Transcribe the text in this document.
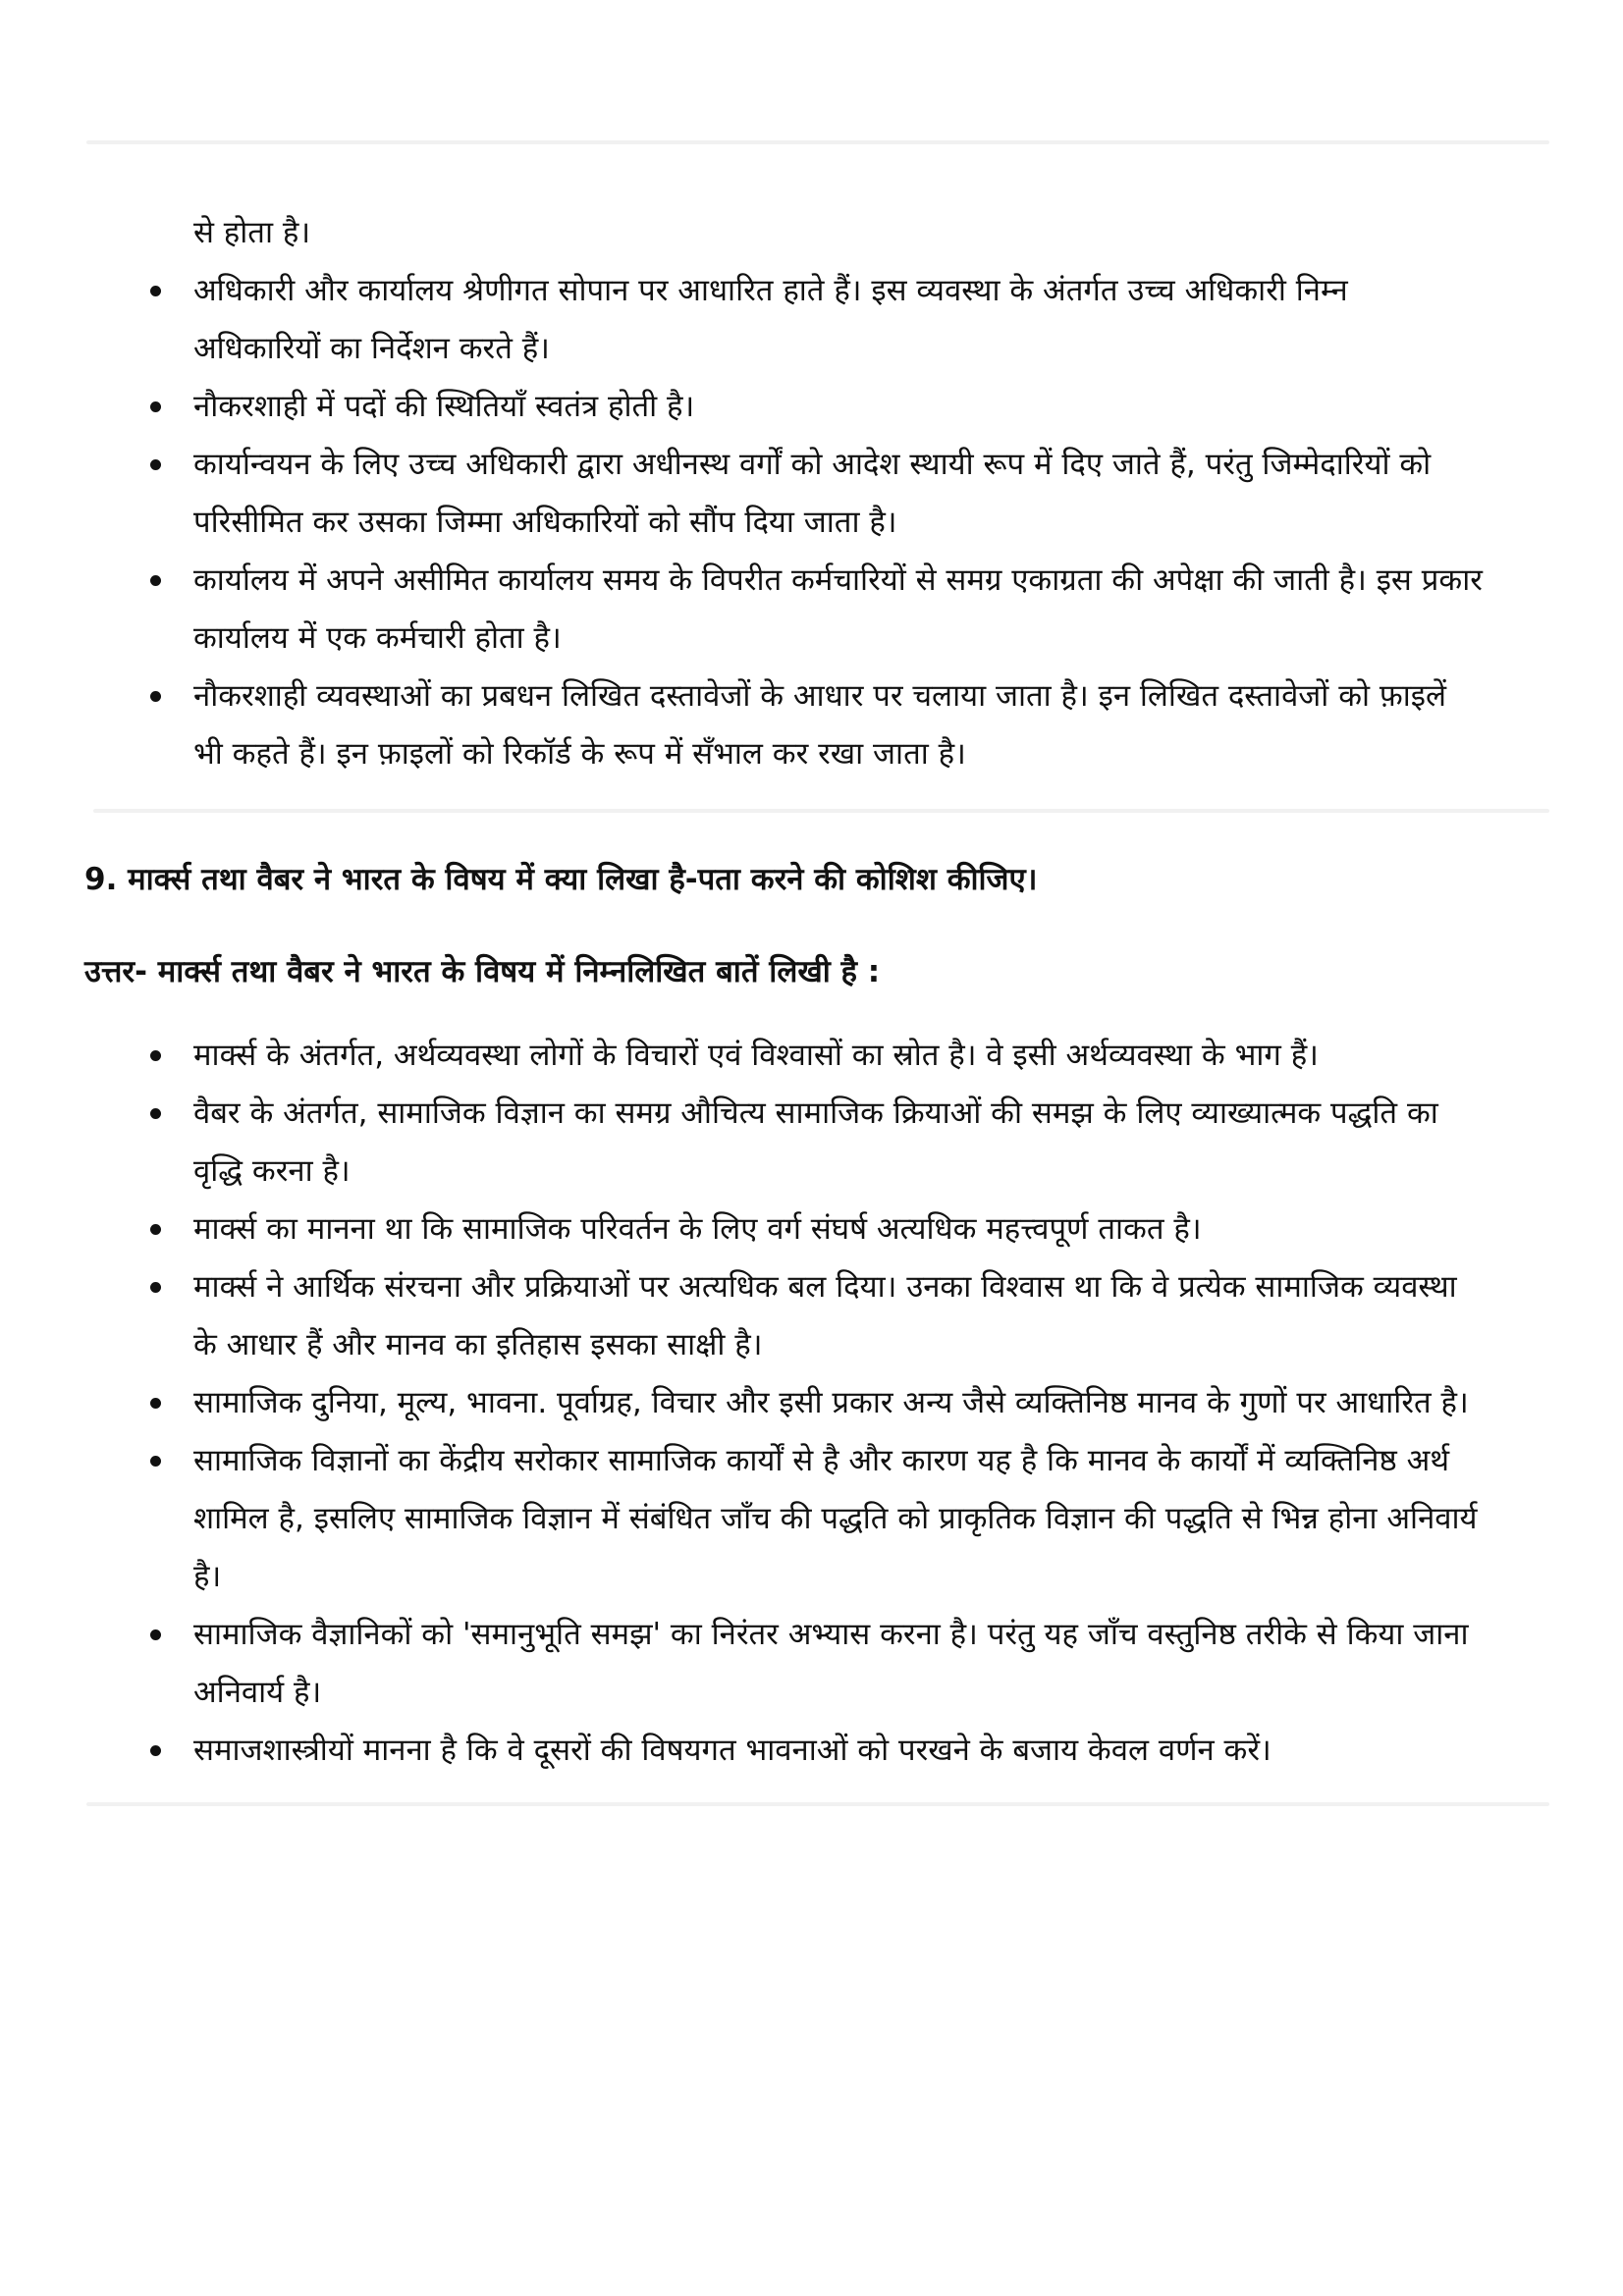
से होता है।
अधिकारी और कार्यालय श्रेणीगत सोपान पर आधारित हाते हैं। इस व्यवस्था के अंतर्गत उच्च अधिकारी निम्न
अधिकारियों का निर्देशन करते हैं।
नौकरशाही में पदों की स्थितियाँ स्वतंत्र होती है।
कार्यान्वयन के लिए उच्च अधिकारी द्वारा अधीनस्थ वर्गों को आदेश स्थायी रूप में दिए जाते हैं, परंतु जिम्मेदारियों को
परिसीमित कर उसका जिम्मा अधिकारियों को सौंप दिया जाता है।
कार्यालय में अपने असीमित कार्यालय समय के विपरीत कर्मचारियों से समग्र एकाग्रता की अपेक्षा की जाती है। इस प्रकार
कार्यालय में एक कर्मचारी होता है।
नौकरशाही व्यवस्थाओं का प्रबधन लिखित दस्तावेजों के आधार पर चलाया जाता है। इन लिखित दस्तावेजों को फ़ाइलें
भी कहते हैं। इन फ़ाइलों को रिकॉर्ड के रूप में सँभाल कर रखा जाता है।
9. मार्क्स तथा वैबर ने भारत के विषय में क्या लिखा है-पता करने की कोशिश कीजिए।
उत्तर- मार्क्स तथा वैबर ने भारत के विषय में निम्नलिखित बातें लिखी है :
मार्क्स के अंतर्गत, अर्थव्यवस्था लोगों के विचारों एवं विश्वासों का स्रोत है। वे इसी अर्थव्यवस्था के भाग हैं।
वैबर के अंतर्गत, सामाजिक विज्ञान का समग्र औचित्य सामाजिक क्रियाओं की समझ के लिए व्याख्यात्मक पद्धति का
वृद्धि करना है।
मार्क्स का मानना था कि सामाजिक परिवर्तन के लिए वर्ग संघर्ष अत्यधिक महत्त्वपूर्ण ताकत है।
मार्क्स ने आर्थिक संरचना और प्रक्रियाओं पर अत्यधिक बल दिया। उनका विश्वास था कि वे प्रत्येक सामाजिक व्यवस्था
के आधार हैं और मानव का इतिहास इसका साक्षी है।
सामाजिक दुनिया, मूल्य, भावना. पूर्वाग्रह, विचार और इसी प्रकार अन्य जैसे व्यक्तिनिष्ठ मानव के गुणों पर आधारित है।
सामाजिक विज्ञानों का केंद्रीय सरोकार सामाजिक कार्यों से है और कारण यह है कि मानव के कार्यों में व्यक्तिनिष्ठ अर्थ
शामिल है, इसलिए सामाजिक विज्ञान में संबंधित जाँच की पद्धति को प्राकृतिक विज्ञान की पद्धति से भिन्न होना अनिवार्य
है।
सामाजिक वैज्ञानिकों को 'समानुभूति समझ' का निरंतर अभ्यास करना है। परंतु यह जाँच वस्तुनिष्ठ तरीके से किया जाना
अनिवार्य है।
समाजशास्त्रीयों मानना है कि वे दूसरों की विषयगत भावनाओं को परखने के बजाय केवल वर्णन करें।
